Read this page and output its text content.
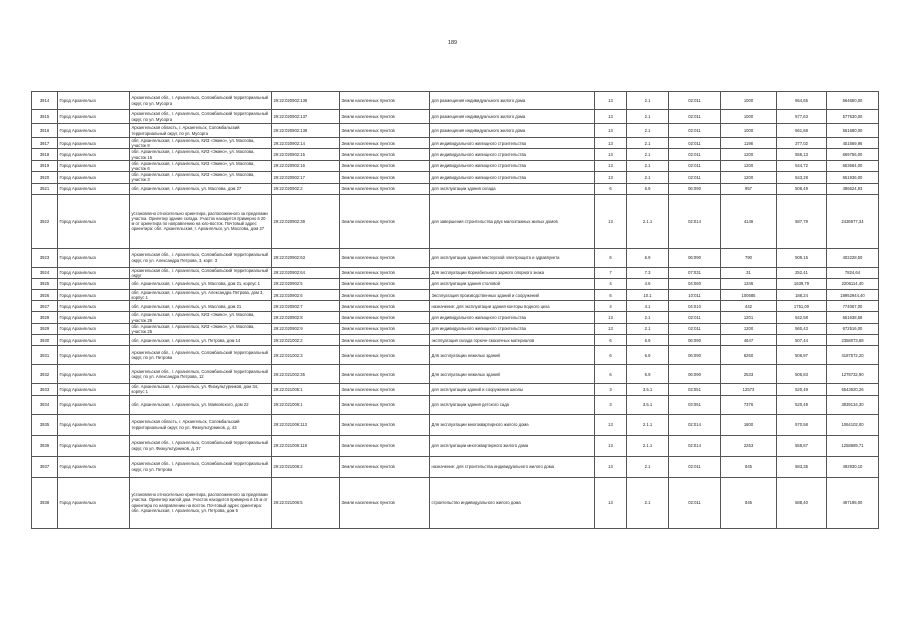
189
3914	Город Архангельск	Архангельская обл., г. Архангельск, Соломбальский территориальный округ, по ул. Мусоргa	29:22:020902:136	Земли населенных пунктов	для размещения индивидуального жилого дома	13	2.1	02:011	1000	564,65	564650,00
3915	Город Архангельск	Архангельская обл., г. Архангельск, Соломбальский территориальный округ, по ул. Мусоргa	29:22:020902:137	Земли населенных пунктов	для размещения индивидуального жилого дома	13	2.1	02:011	1000	577,63	577630,00
3916	Город Архангельск	Архангельская область, г. Архангельск, Соломбальский территориальный округ, по ул. Мусоргa	29:22:020902:138	Земли населенных пунктов	для размещения индивидуального жилого дома	13	2.1	02:011	1000	561,68	561680,00
3917	Город Архангельск	обл. Архангельская, г. Архангельск, КИЗ «Экино», ул. Маслова, участок 8	29:22:020902:14	Земли населенных пунктов	для индивидуального жилищного строительства	13	2.1	02:011	1198	377,02	451669,96
3918	Город Архангельск	обл. Архангельская, г. Архангельск, КИЗ «Экино», ул. Маслова, участок 15	29:22:020902:15	Земли населенных пунктов	для индивидуального жилищного строительства	13	2.1	02:011	1200	558,13	669756,00
3919	Город Архангельск	обл. Архангельская, г. Архангельск, КИЗ «Экино», ул. Маслова, участок 6	29:22:020902:16	Земли населенных пунктов	для индивидуального жилищного строительства	13	2.1	02:011	1200	544,72	653664,00
3920	Город Архангельск	обл. Архангельская, г. Архангельск, КИЗ «Экино», ул. Маслова, участок 3	29:22:020902:17	Земли населенных пунктов	для индивидуального жилищного строительства	13	2.1	02:011	1200	543,28	651936,00
3921	Город Архангельск	обл. Архангельская, г. Архангельск, ул. Маслова, дом 27	29:22:020902:2	Земли населенных пунктов	для эксплуатации здания склада	6	6.9	06:090	957	508,49	486624,93
3922	Город Архангельск	установлено относительно ориентира, расположенного за пределами участка. Ориентир здание склада. Участок находится примерно в 20 м от ориентира по направлению на юго-восток. Почтовый адрес ориентира: обл. Архангельская, г. Архангельск, ул. Маслова, дом 27	29:22:020902:38	Земли населенных пунктов	для завершения строительства двух малоэтажных жилых домов	13	2.1.1	02:014	4146	587,79	2436977,34
3923	Город Архангельск	Архангельская обл., г. Архангельск, Соломбальский территориальный округ, по ул. Александра Петрова, 3, корп. 3	29:22:020902:63	Земли населенных пунктов	для эксплуатации здания мастерской электрощита и здравпункта	6	6.9	06:090	790	509,15	402228,50
3924	Город Архангельск	Архангельская обл., г. Архангельск, Соломбальский территориальный округ	29:22:020902:64	Земли населенных пунктов	Для эксплуатации Кореабельного зарного опорного знака	7	7.3	07:031	31	252,41	7824,64
3925	Город Архангельск	обл. Архангельская, г. Архангельск, ул. Маслова, дом 21, корпус 1	29:22:020902:5	Земли населенных пунктов	для эксплуатации здания столовой	4	4.6	04:060	1346	1639,79	2206114,40
3926	Город Архангельск	обл. Архангельская, г. Архангельск, ул. Александра Петрова, дом 3, корпус 1	29:22:020902:6	Земли населенных пунктов	Эксплуатация производственных зданий и сооружений	6	10.1	10:011	100685	188,24	18952944,40
3927	Город Архангельск	обл. Архангельская, г. Архангельск, ул. Маслова, дом 21	29:22:020902:7	Земли населенных пунктов	назначение: для эксплуатации здания конторы водного цеха	4	4.1	04:010	442	1751,00	774067,00
3928	Город Архангельск	обл. Архангельская, г. Архангельск, КИЗ «Экино», ул. Маслова, участок 26	29:22:020902:8	Земли населенных пунктов	для индивидуального жилищного строительства	13	2.1	02:011	1201	542,58	651638,58
3929	Город Архангельск	обл. Архангельская, г. Архангельск, КИЗ «Экино», ул. Маслова, участок 25	29:22:020902:9	Земли населенных пунктов	для индивидуального жилищного строительства	13	2.1	02:011	1200	560,43	672516,00
3930	Город Архангельск	обл. Архангельская, г. Архангельск, ул. Петрова, дом 14	29:22:021002:2	Земли населенных пунктов	эксплуатация склада горюче-смазочных материалов	6	6.9	06:090	4647	507,44	2358073,68
3931	Город Архангельск	Архангельская обл., г. Архангельск, Соломбальский территориальный округ, по ул. Петрова	29:22:021002:3	Земли населенных пунктов	Для эксплуатации нежилых зданий	6	6.9	06:090	8260	506,97	4187572,20
3932	Город Архангельск	Архангельская обл., г. Архангельск, Соломбальский территориальный округ, по ул. Александра Петрова, 12	29:22:021002:35	Земли населенных пунктов	Для эксплуатации нежилых зданий	6	6.9	06:090	2533	505,83	1278732,90
3933	Город Архангельск	обл. Архангельская, г. Архангельск, ул. Физкультурников, дом 34, корпус 1	29:22:021005:1	Земли населенных пунктов	для эксплуатации зданий и сооружения школы	3	3.5.1	03:051	12573	520,49	6543920,26
3934	Город Архангельск	обл. Архангельская, г. Архангельск, ул. Маяковского, дом 22	29:22:021006:1	Земли населенных пунктов	для эксплуатации здания детского сада	3	3.5.1	03:051	7376	520,49	3839134,30
3935	Город Архангельск	Архангельская область, г. Архангельск, Соломбальский территориальный округ, по ул. Физкультурников, д. 43	29:22:021006:113	Земли населенных пунктов	Для эксплуатации многоквартирного жилого дома	13	2.1.1	02:014	1800	570,58	1064102,00
3936	Город Архангельск	Архангельская обл., г. Архангельск, Соломбальский территориальный округ, по ул. Физкультурников, д. 37	29:22:021006:118	Земли населенных пунктов	для эксплуатации многоквартирного жилого дома	13	2.1.1	02:014	2253	558,67	1258689,71
3937	Город Архангельск	Архангельская обл., г. Архангельск, Соломбальский территориальный округ, по ул. Петрова	29:22:021006:2	Земли населенных пунктов	назначение: для строительства индивидуального жилого дома	13	2.1	02:011	845	583,35	492930,10
3938	Город Архангельск	установлено относительно ориентира, расположенного за пределами участка. Ориентир жилой дом. Участок находится примерно в 15 м от ориентира по направлению на восток. Почтовый адрес ориентира: обл. Архангельская, г. Архангельск, ул. Петрова, дом 5	29:22:021006:5	Земли населенных пунктов	строительство индивидуального жилого дома	13	2.1	02:011	845	588,40	497198,00
